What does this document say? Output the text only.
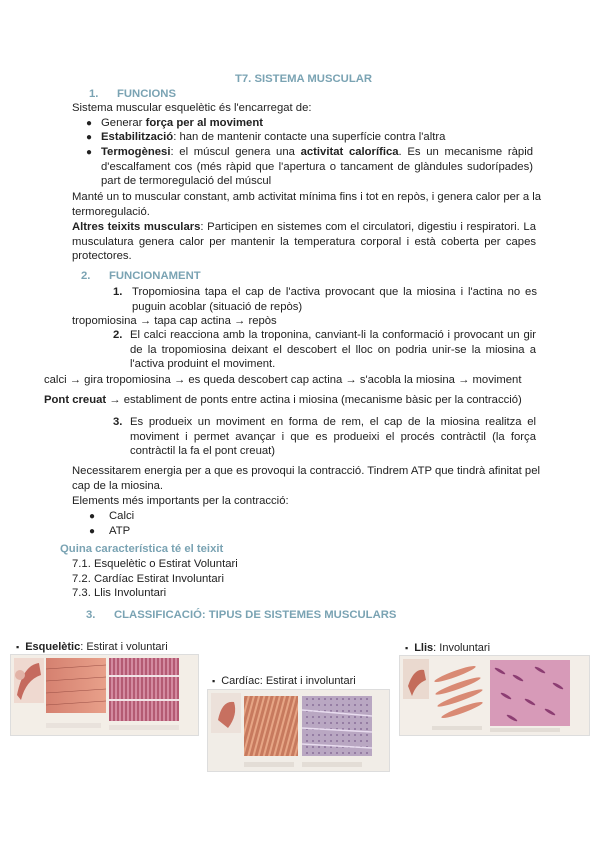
T7. SISTEMA MUSCULAR
1. FUNCIONS
Sistema muscular esquelètic és l'encarregat de:
● Generar força per al moviment
● Estabilització: han de mantenir contacte una superfície contra l'altra
● Termogènesi: el múscul genera una activitat calorífica. Es un mecanisme ràpid d'escalfament cos (més ràpid que l'apertura o tancament de glàndules sudorípades) part de termoregulació del múscul
Manté un to muscular constant, amb activitat mínima fins i tot en repòs, i genera calor per a la termoregulació.
Altres teixits musculars: Participen en sistemes com el circulatori, digestiu i respiratori. La musculatura genera calor per mantenir la temperatura corporal i està coberta per capes protectores.
2. FUNCIONAMENT
1. Tropomiosina tapa el cap de l'activa provocant que la miosina i l'actina no es puguin acoblar (situació de repòs)
tropomiosina → tapa cap actina → repòs
2. El calci reacciona amb la troponina, canviant-li la conformació i provocant un gir de la tropomiosina deixant el descobert el lloc on podria unir-se la miosina a l'activa produint el moviment.
calci → gira tropomiosina → es queda descobert cap actina → s'acobla la miosina → moviment
Pont creuat → establiment de ponts entre actina i miosina (mecanisme bàsic per la contracció)
3. Es produeix un moviment en forma de rem, el cap de la miosina realitza el moviment i permet avançar i que es produeixi el procés contràctil (la força contràctil la fa el pont creuat)
Necessitarem energia per a que es provoqui la contracció. Tindrem ATP que tindrà afinitat pel cap de la miosina.
Elements més importants per la contracció:
● Calci
● ATP
Quina característica té el teixit
7.1. Esquelètic o Estirat Voluntari
7.2. Cardíac Estirat Involuntari
7.3. Llis Involuntari
3. CLASSIFICACIÓ: TIPUS DE SISTEMES MUSCULARS
▪ Esquelètic: Estirat i voluntari
▪ Cardíac: Estirat i involuntari
▪ Llis: Involuntari
